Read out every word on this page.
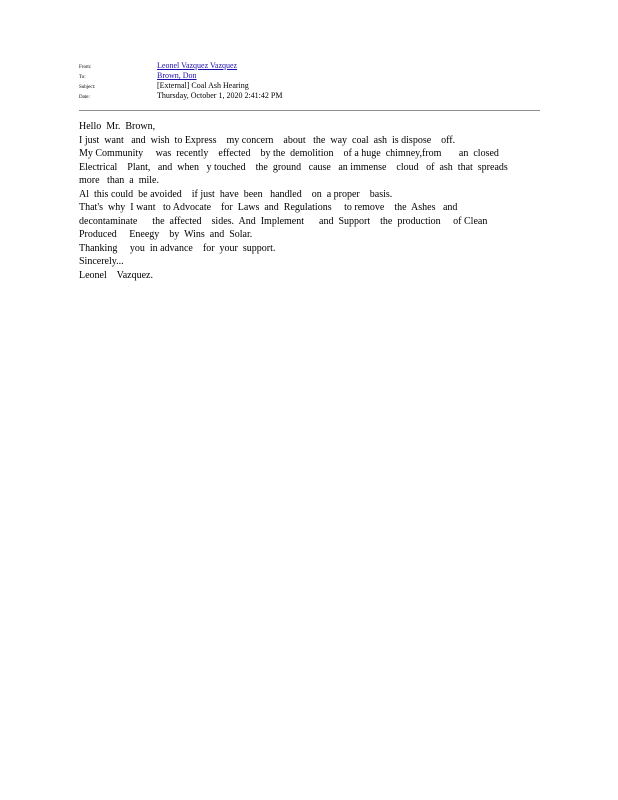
From:	Leonel Vazquez Vazquez
To:	Brown, Don
Subject:	[External] Coal Ash Hearing
Date:	Thursday, October 1, 2020 2:41:42 PM
Hello  Mr.  Brown,
I just  want   and  wish  to Express    my concern    about   the  way  coal  ash  is dispose    off.
My Community     was  recently    effected    by the  demolition    of a huge  chimney,from       an  closed
Electrical    Plant,   and  when   y touched    the  ground   cause   an immense    cloud   of  ash  that  spreads
more   than  a  mile.
Al  this could  be avoided    if just  have  been   handled    on  a proper    basis.
That's  why  I want   to Advocate    for  Laws  and  Regulations     to remove    the  Ashes   and
decontaminate      the  affected    sides.  And  Implement      and  Support    the  production     of Clean
Produced     Eneegy    by  Wins  and  Solar.
Thanking     you  in advance    for  your  support.
Sincerely...
Leonel    Vazquez.
